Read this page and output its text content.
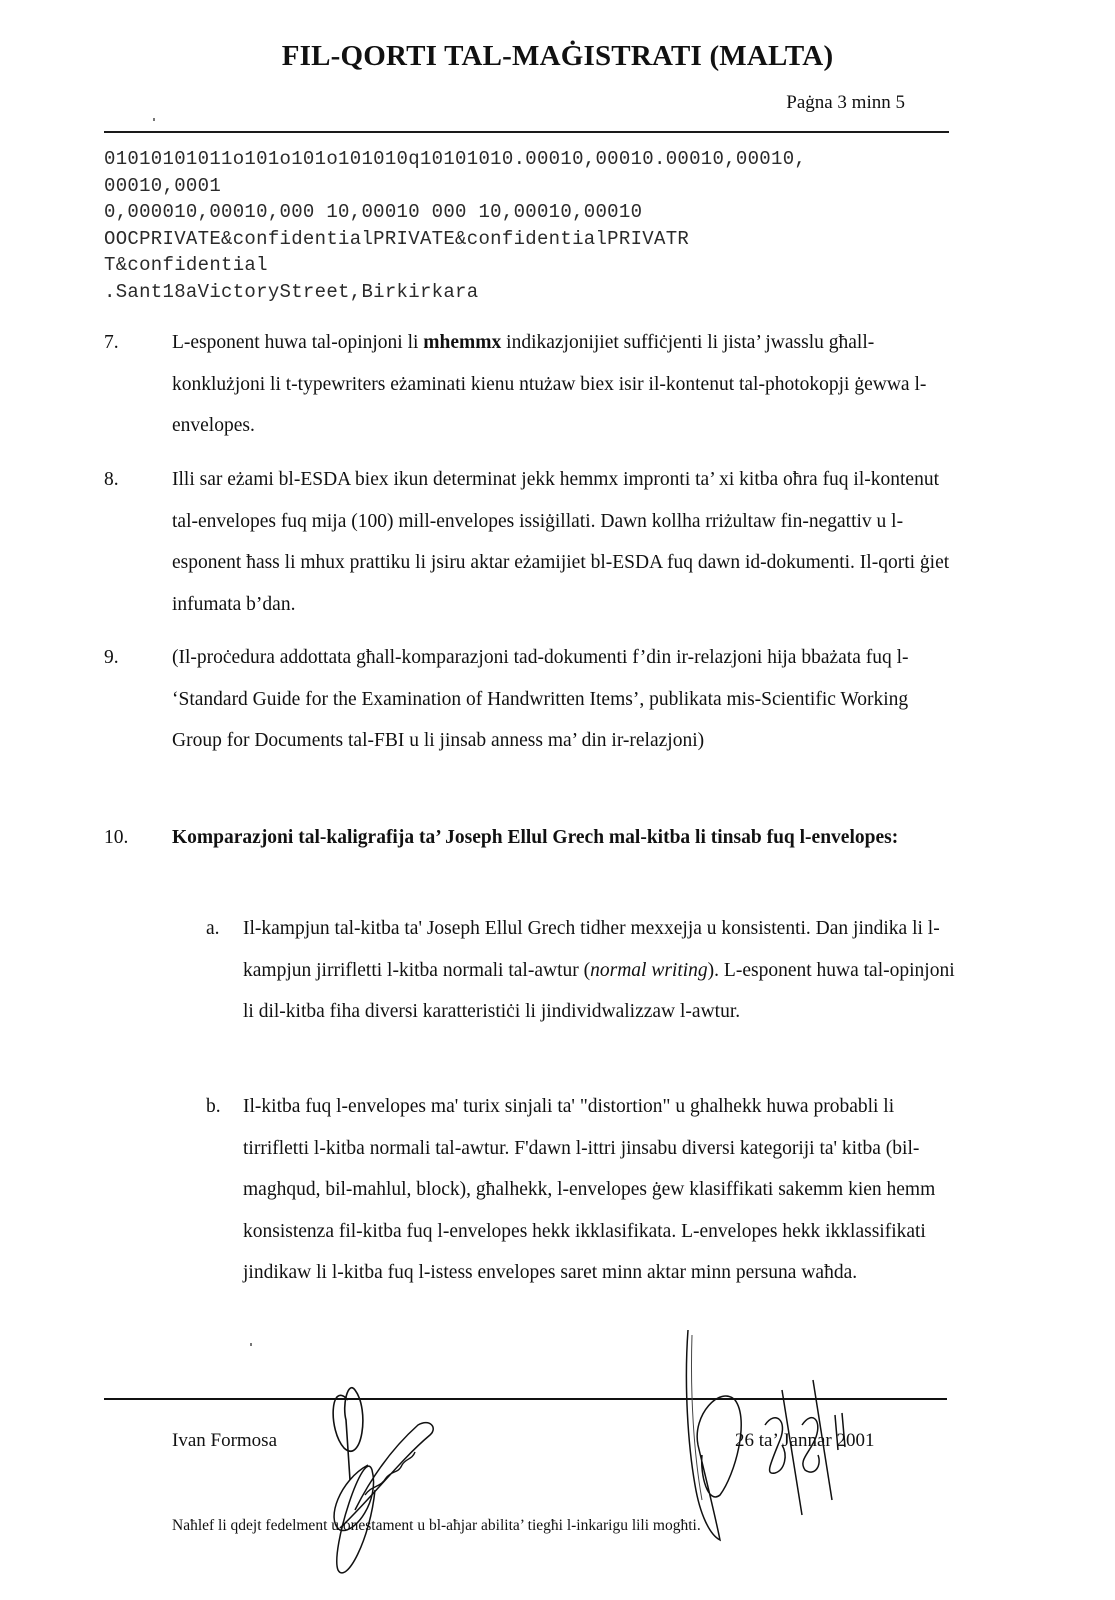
FIL-QORTI TAL-MAĠISTRATI (MALTA)
Paġna 3 minn 5
01010101011o101o101o101010q10101010.00010,00010.00010,00010,
00010,0001
0,000010,00010,000 10,00010 000 10,00010,00010
OOCPRIVATE&confidentialPRIVATE&confidentialPRIVATR
T&confidential
.Sant18aVictoryStreet,Birkirkara
7.	L-esponent huwa tal-opinjoni li mhemmx indikazjonijiet suffiċjenti li jista’ jwasslu għall-konklużjoni li t-typewriters eżaminati kienu ntużaw biex isir il-kontenut tal-photokopji ġewwa l-envelopes.
8.	Illi sar eżami bl-ESDA biex ikun determinat jekk hemmx impronti ta’ xi kitba oħra fuq il-kontenut tal-envelopes fuq mija (100) mill-envelopes issiġillati. Dawn kollha rriżultaw fin-negattiv u l-esponent ħass li mhux prattiku li jsiru aktar eżamijiet bl-ESDA fuq dawn id-dokumenti. Il-qorti ġiet infumata b’dan.
9.	(Il-proċedura addottata għall-komparazjoni tad-dokumenti f’din ir-relazjoni hija bbażata fuq l- ‘Standard Guide for the Examination of Handwritten Items’, publikata mis-Scientific Working Group for Documents tal-FBI u li jinsab anness ma’ din ir-relazjoni)
10. Komparazjoni tal-kaligrafija ta’ Joseph Ellul Grech mal-kitba li tinsab fuq l-envelopes:
a. Il-kampjun tal-kitba ta' Joseph Ellul Grech tidher mexxejja u konsistenti. Dan jindika li l-kampjun jirrifletti l-kitba normali tal-awtur (normal writing). L-esponent huwa tal-opinjoni li dil-kitba fiha diversi karatteristiċi li jindividwalizzaw l-awtur.
b. Il-kitba fuq l-envelopes ma' turix sinjali ta' "distortion" u ghalhekk huwa probabli li tirrifletti l-kitba normali tal-awtur. F'dawn l-ittri jinsabu diversi kategoriji ta' kitba (bil-maghqud, bil-mahlul, block), għalhekk, l-envelopes ġew klasiffikati sakemm kien hemm konsistenza fil-kitba fuq l-envelopes hekk ikklasifikata. L-envelopes hekk ikklassifikati jindikaw li l-kitba fuq l-istess envelopes saret minn aktar minn persuna waħda.
Ivan Formosa	26 ta’ Jannar 2001
Naħlef li qdejt fedelment u onestament u bl-aħjar abilita’ tiegħi l-inkarigu lili mogħti.
